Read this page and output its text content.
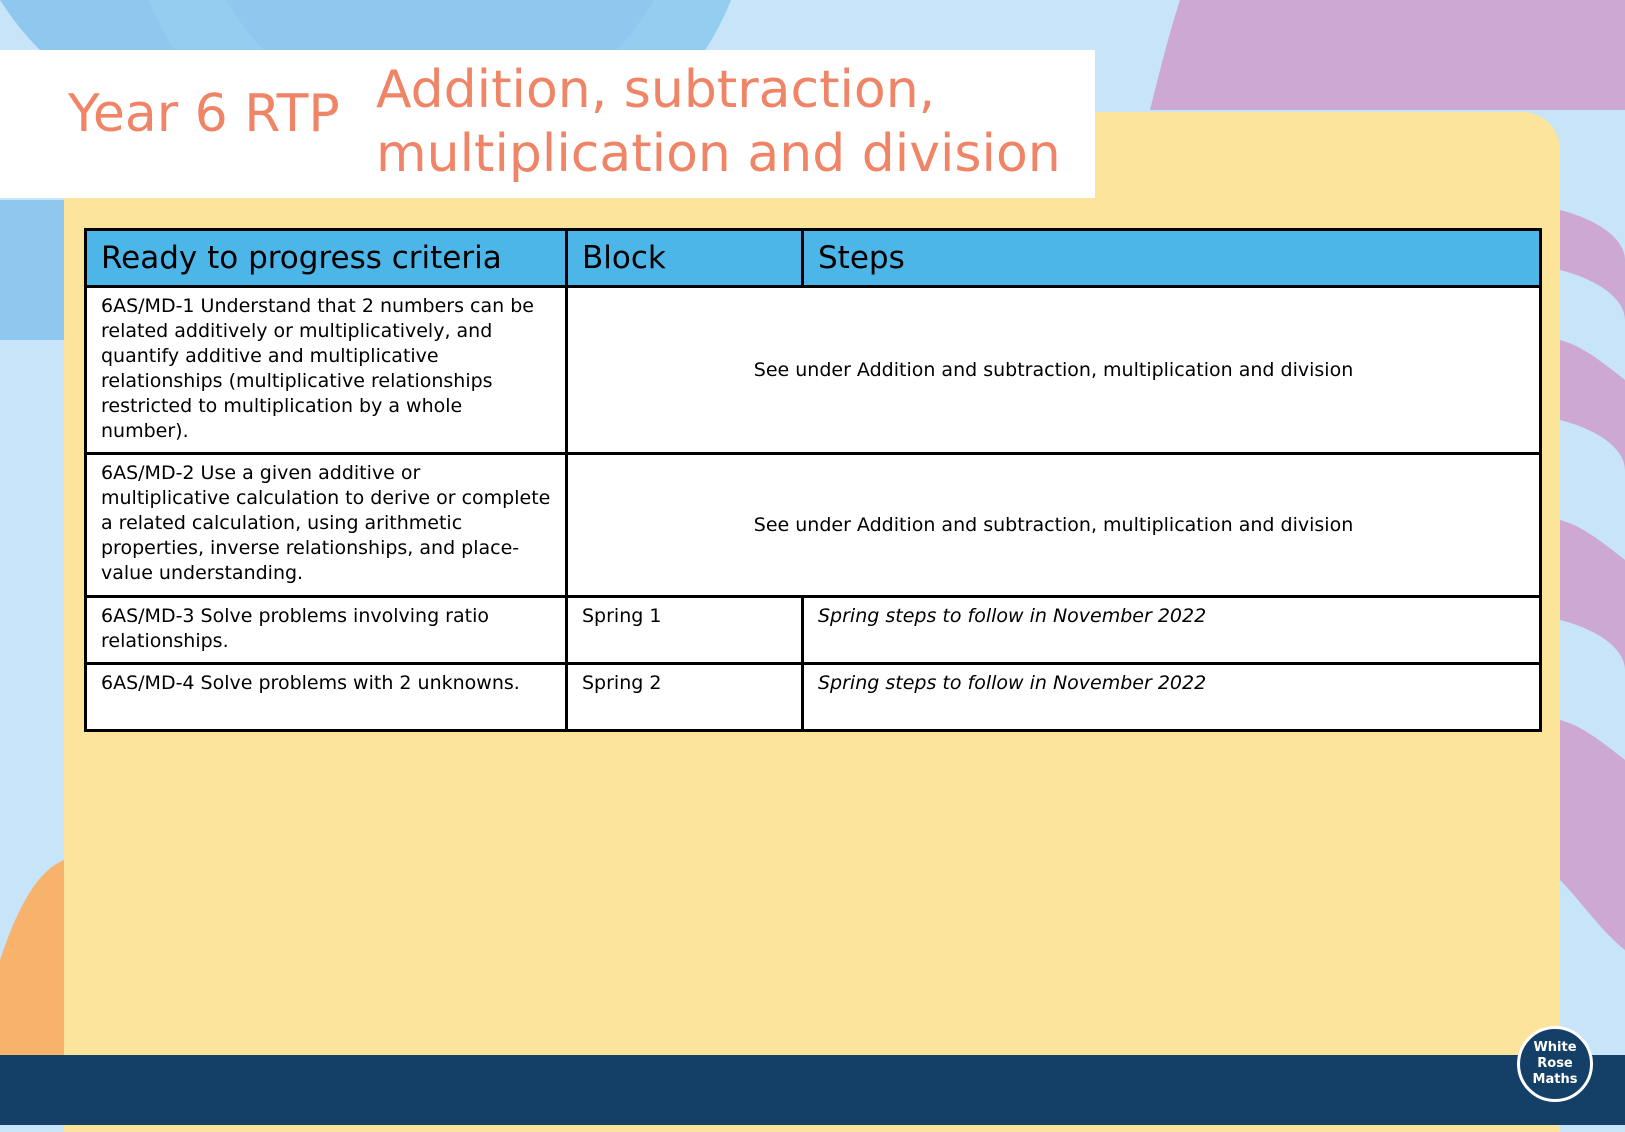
Year 6 RTP Addition, subtraction,
multiplication and division
Ready to progress criteria	Block	Steps
6AS/MD-1 Understand that 2 numbers can be related additively or multiplicatively, and quantify additive and multiplicative relationships (multiplicative relationships restricted to multiplication by a whole number).	See under Addition and subtraction, multiplication and division	
6AS/MD-2 Use a given additive or multiplicative calculation to derive or complete a related calculation, using arithmetic properties, inverse relationships, and place-value understanding.	See under Addition and subtraction, multiplication and division	
6AS/MD-3 Solve problems involving ratio relationships.	Spring 1	Spring steps to follow in November 2022
6AS/MD-4 Solve problems with 2 unknowns.	Spring 2	Spring steps to follow in November 2022
White
Rose
Maths
